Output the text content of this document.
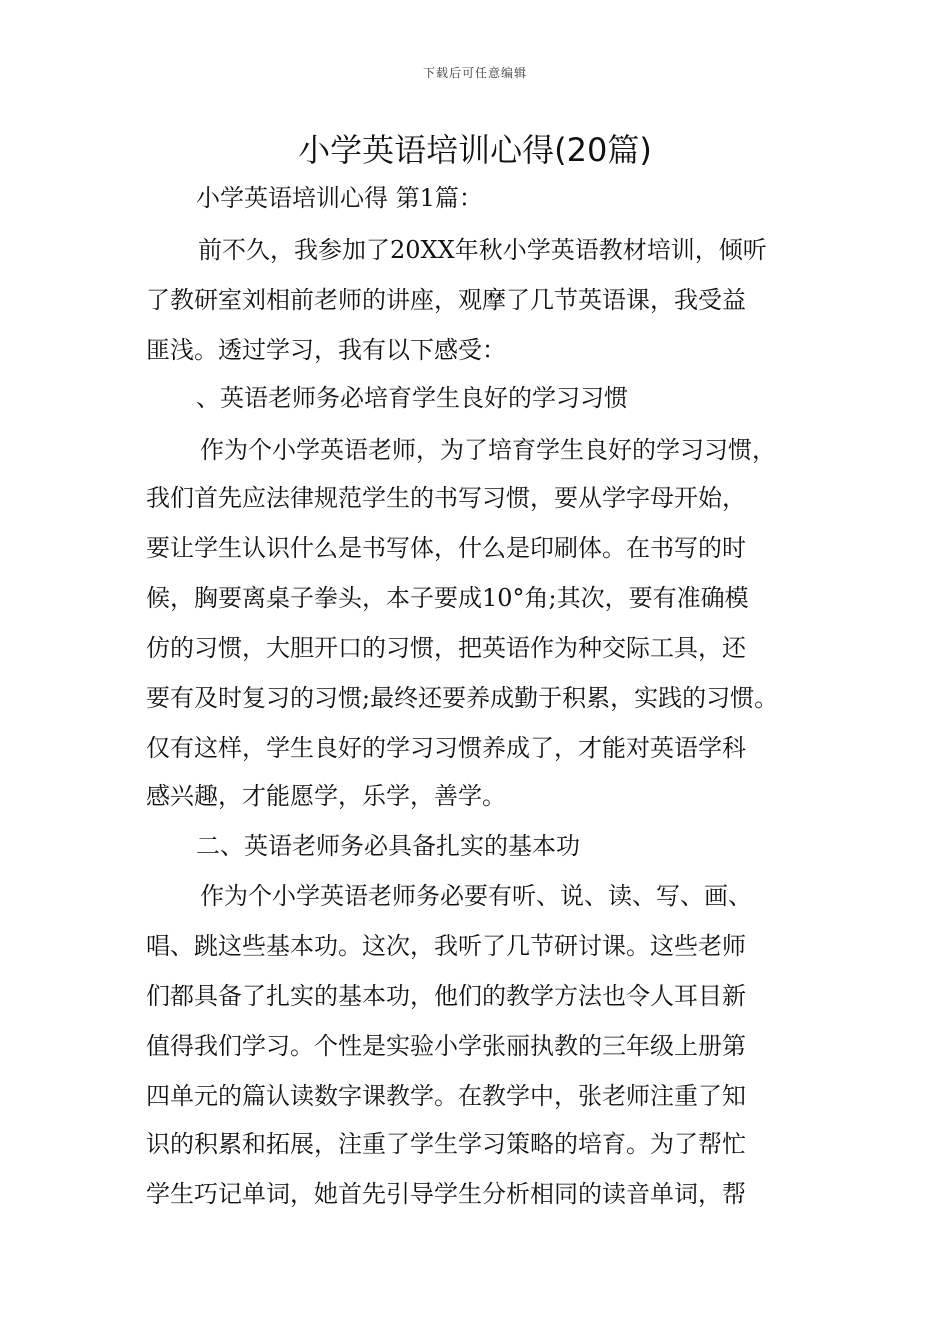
下载后可任意编辑
小学英语培训心得(20篇)

小学英语培训心得 第1篇：

前不久，我参加了20XX年秋小学英语教材培训，倾听

了教研室刘相前老师的讲座，观摩了几节英语课，我受益

匪浅。透过学习，我有以下感受：

、英语老师务必培育学生良好的学习习惯

作为个小学英语老师，为了培育学生良好的学习习惯，

我们首先应法律规范学生的书写习惯，要从学字母开始，

要让学生认识什么是书写体，什么是印刷体。在书写的时

候，胸要离桌子拳头，本子要成10°角;其次，要有准确模

仿的习惯，大胆开口的习惯，把英语作为种交际工具，还

要有及时复习的习惯;最终还要养成勤于积累，实践的习惯。

仅有这样，学生良好的学习习惯养成了，才能对英语学科

感兴趣，才能愿学，乐学，善学。

二、英语老师务必具备扎实的基本功

作为个小学英语老师务必要有听、说、读、写、画、

唱、跳这些基本功。这次，我听了几节研讨课。这些老师

们都具备了扎实的基本功，他们的教学方法也令人耳目新

值得我们学习。个性是实验小学张丽执教的三年级上册第

四单元的篇认读数字课教学。在教学中，张老师注重了知

识的积累和拓展，注重了学生学习策略的培育。为了帮忙

学生巧记单词，她首先引导学生分析相同的读音单词，帮
